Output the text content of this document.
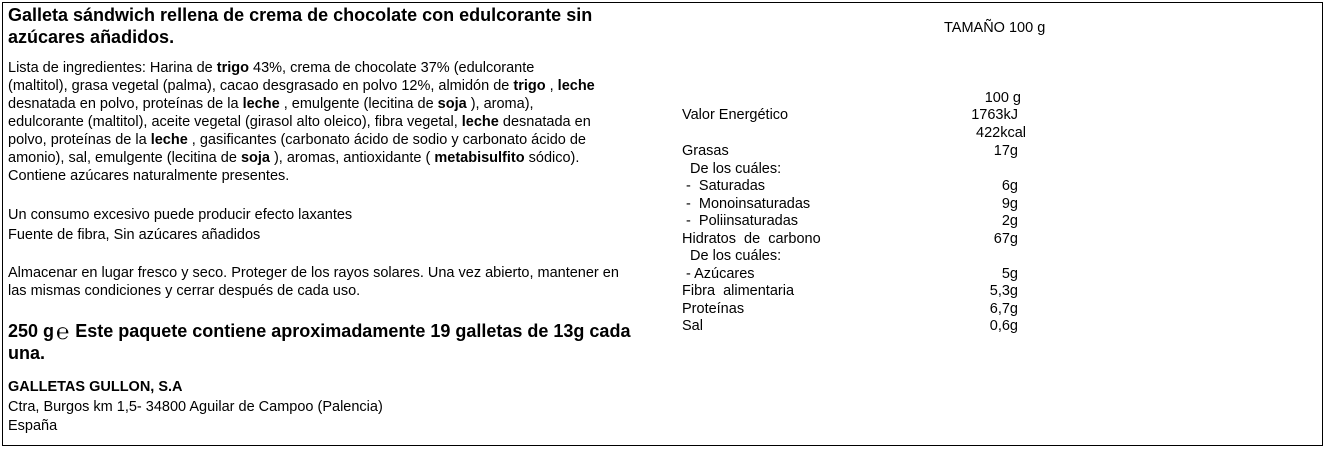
Galleta sándwich rellena de crema de chocolate con edulcorante sin
azúcares añadidos.
Lista de ingredientes: Harina de trigo 43%, crema de chocolate 37% (edulcorante
(maltitol), grasa vegetal (palma), cacao desgrasado en polvo 12%, almidón de trigo , leche
desnatada en polvo, proteínas de la leche , emulgente (lecitina de soja ), aroma),
edulcorante (maltitol), aceite vegetal (girasol alto oleico), fibra vegetal, leche desnatada en
polvo, proteínas de la leche , gasificantes (carbonato ácido de sodio y carbonato ácido de
amonio), sal, emulgente (lecitina de soja ), aromas, antioxidante ( metabisulfito sódico).
Contiene azúcares naturalmente presentes.
Un consumo excesivo puede producir efecto laxantes
Fuente de fibra, Sin azúcares añadidos
Almacenar en lugar fresco y seco. Proteger de los rayos solares. Una vez abierto, mantener en
las mismas condiciones y cerrar después de cada uso.
250 g℮ Este paquete contiene aproximadamente 19 galletas de 13g cada
una.
GALLETAS GULLON, S.A
Ctra, Burgos km 1,5- 34800 Aguilar de Campoo (Palencia)
España
TAMAÑO 100 g
100 g
Valor Energético	1763kJ
422kcal
Grasas	17g
De los cuáles:
-  Saturadas	6g
-  Monoinsaturadas	9g
-  Poliinsaturadas	2g
Hidratos  de  carbono	67g
De los cuáles:
- Azúcares	5g
Fibra  alimentaria	5,3g
Proteínas	6,7g
Sal	0,6g
